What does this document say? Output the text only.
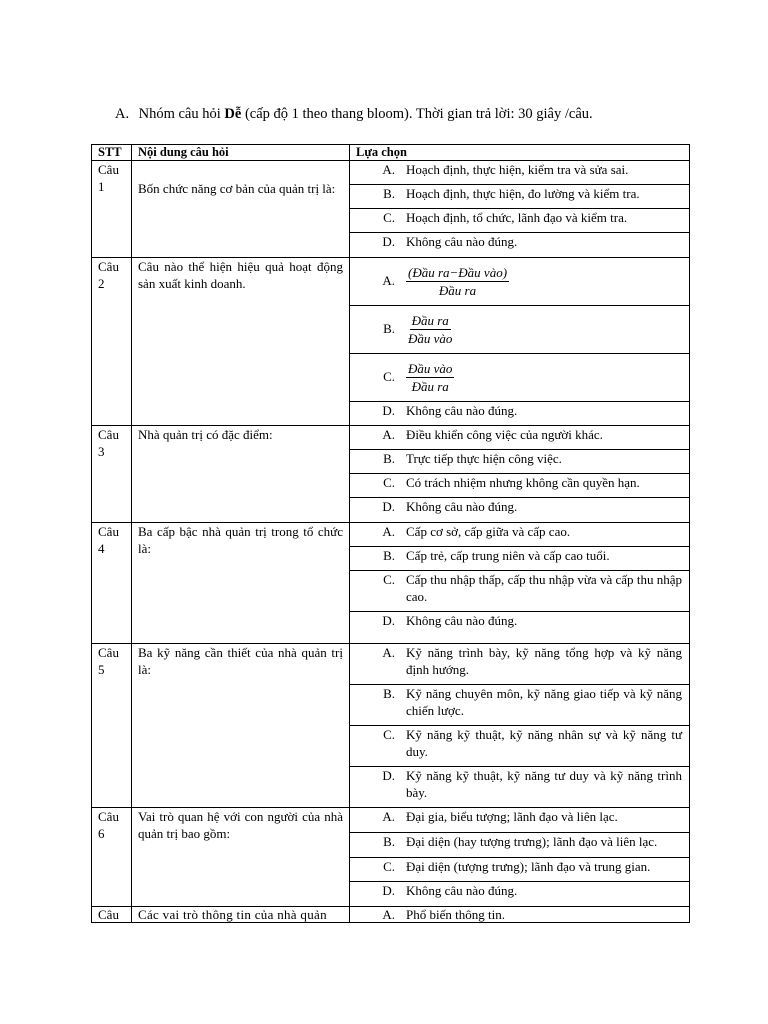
A. Nhóm câu hỏi Dễ (cấp độ 1 theo thang bloom). Thời gian trả lời: 30 giây /câu.
STT	Nội dung câu hỏi	Lựa chọn
Câu 1	Bốn chức năng cơ bản của quản trị là:	A. Hoạch định, thực hiện, kiểm tra và sửa sai.

		B. Hoạch định, thực hiện, đo lường và kiểm tra.

		C. Hoạch định, tổ chức, lãnh đạo và kiểm tra.

		D. Không câu nào đúng.

Câu 2	Câu nào thể hiện hiệu quả hoạt động sản xuất kinh doanh.	A. $\frac{\text{(Đầu ra−Đầu vào)}}{\text{Đầu ra}}$

		B. $\frac{\text{Đầu ra}}{\text{Đầu vào}}$

		C. $\frac{\text{Đầu vào}}{\text{Đầu ra}}$

		D. Không câu nào đúng.

Câu 3	Nhà quản trị có đặc điểm:	A. Điều khiển công việc của người khác.

		B. Trực tiếp thực hiện công việc.

		C. Có trách nhiệm nhưng không cần quyền hạn.

		D. Không câu nào đúng.

Câu 4	Ba cấp bậc nhà quản trị trong tổ chức là:	A. Cấp cơ sở, cấp giữa và cấp cao.

		B. Cấp trẻ, cấp trung niên và cấp cao tuổi.

		C. Cấp thu nhập thấp, cấp thu nhập vừa và cấp thu nhập cao.

		D. Không câu nào đúng.

Câu 5	Ba kỹ năng cần thiết của nhà quản trị là:	A. Kỹ năng trình bày, kỹ năng tổng hợp và kỹ năng định hướng.

		B. Kỹ năng chuyên môn, kỹ năng giao tiếp và kỹ năng chiến lược.

		C. Kỹ năng kỹ thuật, kỹ năng nhân sự và kỹ năng tư duy.

		D. Kỹ năng kỹ thuật, kỹ năng tư duy và kỹ năng trình bày.

Câu 6	Vai trò quan hệ với con người của nhà quản trị bao gồm:	A. Đại gia, biểu tượng; lãnh đạo và liên lạc.

		B. Đại diện (hay tượng trưng); lãnh đạo và liên lạc.

		C. Đại diện (tượng trưng); lãnh đạo và trung gian.

		D. Không câu nào đúng.

Câu	Các vai trò thông tin của nhà quản	A. Phổ biến thông tin.
